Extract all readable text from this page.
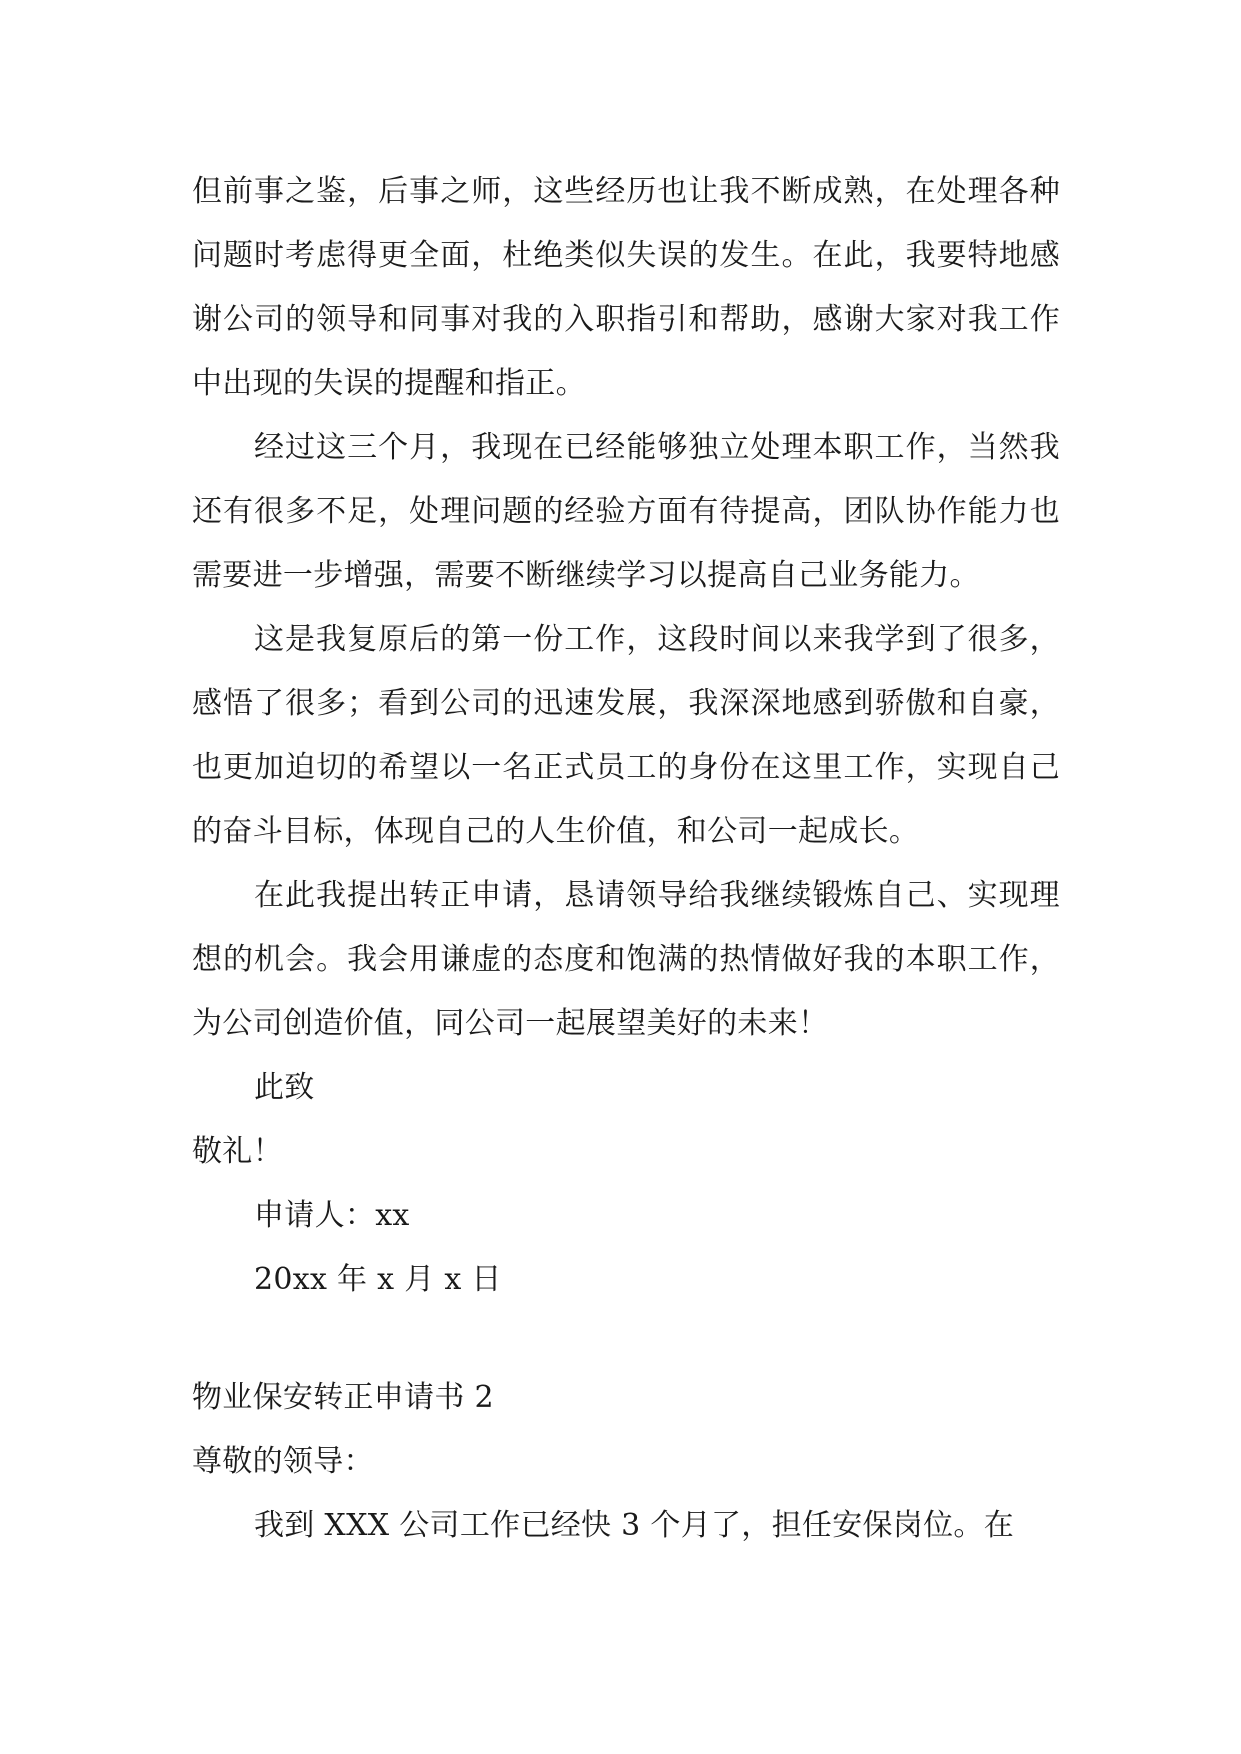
但前事之鉴，后事之师，这些经历也让我不断成熟，在处理各种问题时考虑得更全面，杜绝类似失误的发生。在此，我要特地感谢公司的领导和同事对我的入职指引和帮助，感谢大家对我工作中出现的失误的提醒和指正。

经过这三个月，我现在已经能够独立处理本职工作，当然我还有很多不足，处理问题的经验方面有待提高，团队协作能力也需要进一步增强，需要不断继续学习以提高自己业务能力。

这是我复原后的第一份工作，这段时间以来我学到了很多，感悟了很多；看到公司的迅速发展，我深深地感到骄傲和自豪，也更加迫切的希望以一名正式员工的身份在这里工作，实现自己的奋斗目标，体现自己的人生价值，和公司一起成长。

在此我提出转正申请，恳请领导给我继续锻炼自己、实现理想的机会。我会用谦虚的态度和饱满的热情做好我的本职工作，为公司创造价值，同公司一起展望美好的未来！

此致

敬礼！

申请人：xx

20xx 年 x 月 x 日

物业保安转正申请书 2

尊敬的领导：

我到 XXX 公司工作已经快 3 个月了，担任安保岗位。在
